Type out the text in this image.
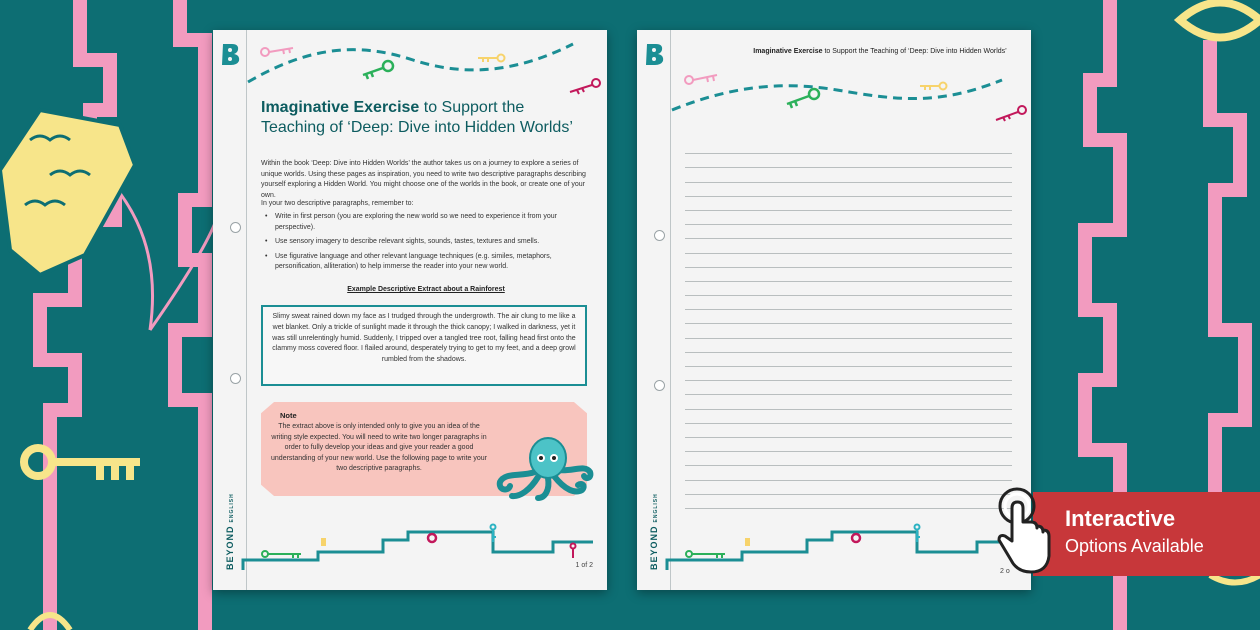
Imaginative Exercise to Support the Teaching of ‘Deep: Dive into Hidden Worlds’

Within the book ‘Deep: Dive into Hidden Worlds’ the author takes us on a journey to explore a series of unique worlds. Using these pages as inspiration, you need to write two descriptive paragraphs describing yourself exploring a Hidden World. You might choose one of the worlds in the book, or create one of your own.

In your two descriptive paragraphs, remember to:

• Write in first person (you are exploring the new world so we need to experience it from your perspective).
• Use sensory imagery to describe relevant sights, sounds, tastes, textures and smells.
• Use figurative language and other relevant language techniques (e.g. similes, metaphors, personification, alliteration) to help immerse the reader into your new world.
Example Descriptive Extract about a Rainforest
Slimy sweat rained down my face as I trudged through the undergrowth. The air clung to me like a wet blanket. Only a trickle of sunlight made it through the thick canopy; I walked in darkness, yet it was still unrelentingly humid. Suddenly, I tripped over a tangled tree root, falling head first onto the clammy moss covered floor. I flailed around, desperately trying to get to my feet, and a deep growl rumbled from the shadows.
Note
The extract above is only intended only to give you an idea of the writing style expected. You will need to write two longer paragraphs in order to fully develop your ideas and give your reader a good understanding of your new world. Use the following page to write your two descriptive paragraphs.
BEYONDENGLISH
1 of 2
Imaginative Exercise to Support the Teaching of ‘Deep: Dive into Hidden Worlds’
BEYONDENGLISH
2 o
Interactive
Options Available
